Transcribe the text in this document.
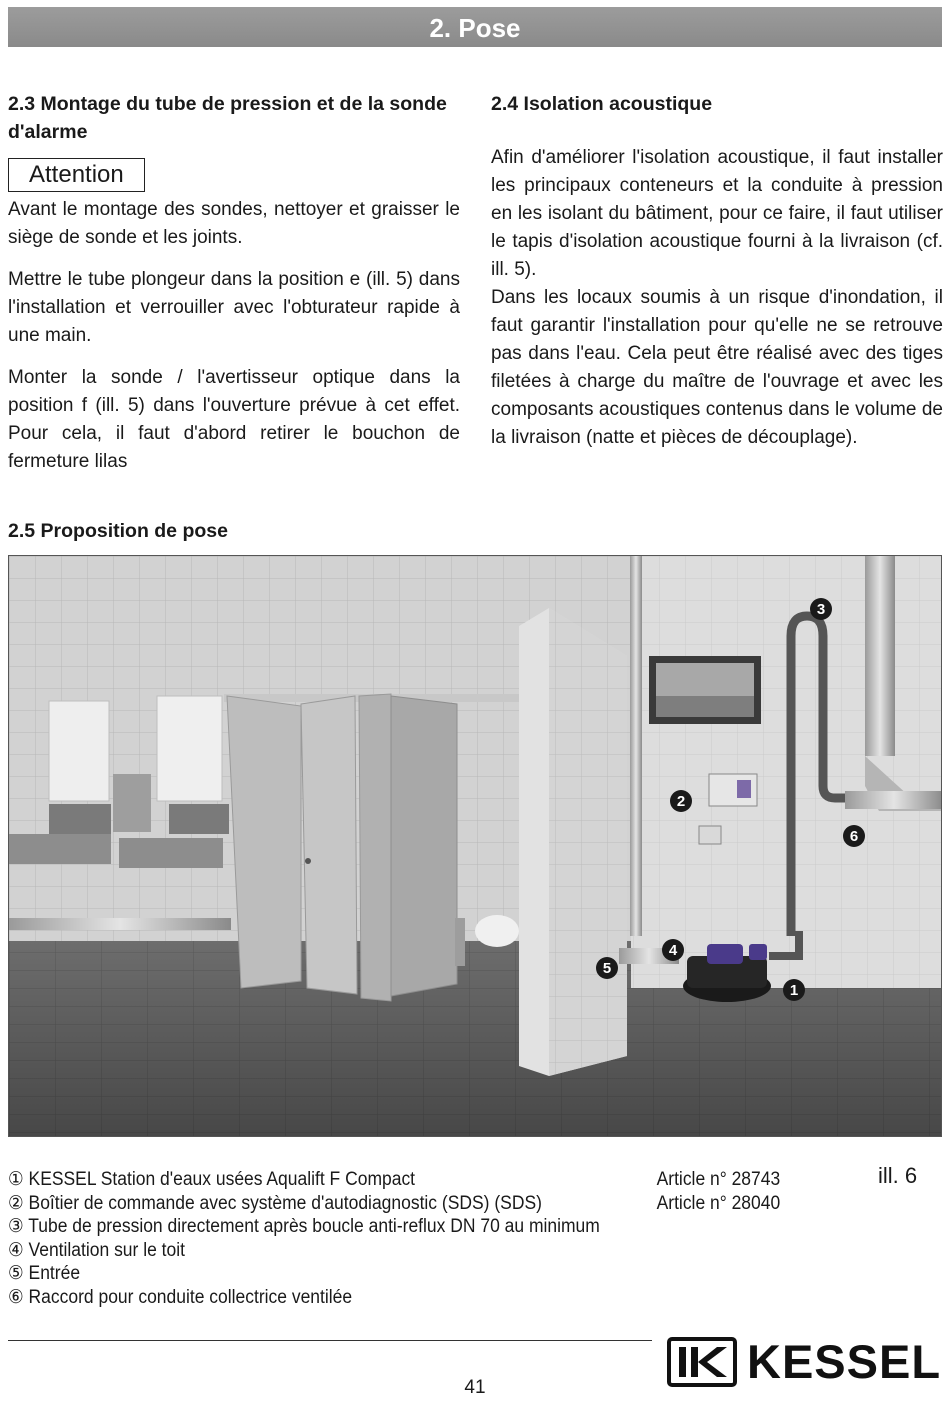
2. Pose
2.3 Montage du tube de pression et de la sonde d'alarme
Attention

Avant le montage des sondes, nettoyer et graisser le siège de sonde et les joints.

Mettre le tube plongeur dans la position e (ill. 5) dans l'installation et verrouiller avec l'obturateur rapide à une main.

Monter la sonde / l'avertisseur optique dans la position f (ill. 5) dans l'ouverture prévue à cet effet. Pour cela, il faut d'abord retirer le bouchon de fermeture lilas

2.4 Isolation acoustique

Afin d'améliorer l'isolation acoustique, il faut installer les principaux conteneurs et la conduite à pression en les isolant du bâtiment, pour ce faire, il faut utiliser le tapis d'isolation acoustique fourni à la livraison (cf. ill. 5).

Dans les locaux soumis à un risque d'inondation, il faut garantir l'installation pour qu'elle ne se retrouve pas dans l'eau. Cela peut être réalisé avec des tiges filetées à charge du maître de l'ouvrage et avec les composants acoustiques contenus dans le volume de la livraison (natte et pièces de découplage).

2.5 Proposition de pose
1
2
3
4
5
6
ill. 6
① KESSEL Station d'eaux usées Aqualift F Compact	Article n° 28743
② Boîtier de commande avec système d'autodiagnostic (SDS) (SDS)	Article n° 28040
③ Tube de pression directement après boucle anti-reflux DN 70 au minimum
④ Ventilation sur le toit
⑤ Entrée
⑥ Raccord pour conduite collectrice ventilée
41	KESSEL
